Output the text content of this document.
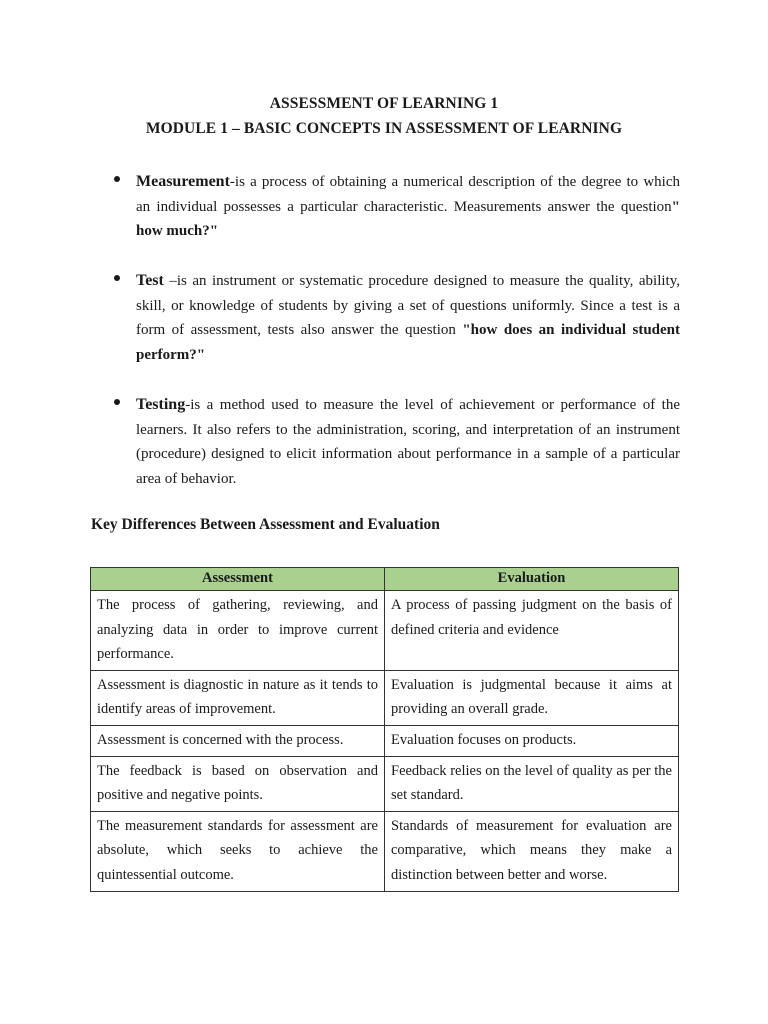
ASSESSMENT OF LEARNING 1
MODULE 1 – BASIC CONCEPTS IN ASSESSMENT OF LEARNING
Measurement-is a process of obtaining a numerical description of the degree to which an individual possesses a particular characteristic. Measurements answer the question" how much?"
Test –is an instrument or systematic procedure designed to measure the quality, ability, skill, or knowledge of students by giving a set of questions uniformly. Since a test is a form of assessment, tests also answer the question "how does an individual student perform?"
Testing-is a method used to measure the level of achievement or performance of the learners. It also refers to the administration, scoring, and interpretation of an instrument (procedure) designed to elicit information about performance in a sample of a particular area of behavior.
Key Differences Between Assessment and Evaluation
Assessment	Evaluation
The process of gathering, reviewing, and analyzing data in order to improve current performance.	A process of passing judgment on the basis of defined criteria and evidence
Assessment is diagnostic in nature as it tends to identify areas of improvement.	Evaluation is judgmental because it aims at providing an overall grade.
Assessment is concerned with the process.	Evaluation focuses on products.
The feedback is based on observation and positive and negative points.	Feedback relies on the level of quality as per the set standard.
The measurement standards for assessment are absolute, which seeks to achieve the quintessential outcome.	Standards of measurement for evaluation are comparative, which means they make a distinction between better and worse.
